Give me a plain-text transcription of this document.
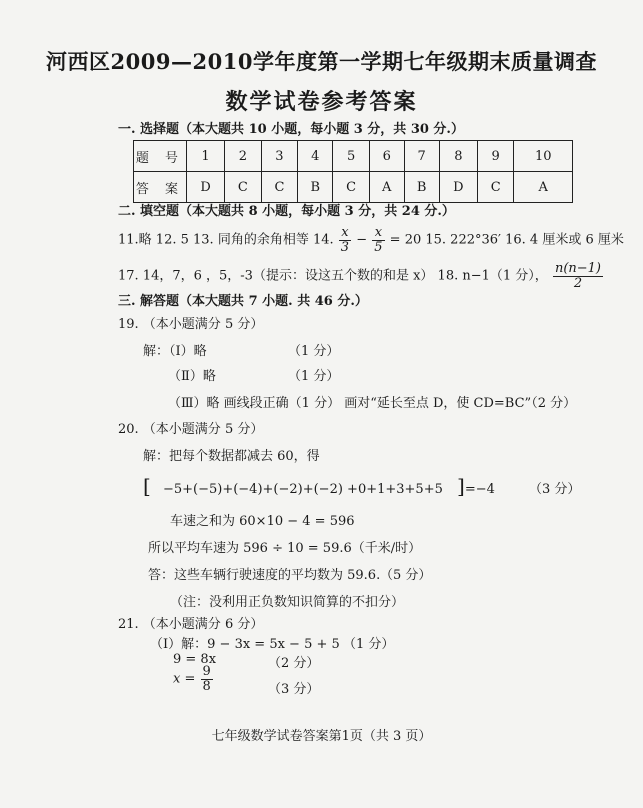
河西区2009—2010学年度第一学期七年级期末质量调查
数学试卷参考答案
一. 选择题（本大题共 10 小题，每小题 3 分，共 30 分.）
题 号	1	2	3	4	5	6	7	8	9	10
答 案	D	C	C	B	C	A	B	D	C	A
二. 填空题（本大题共 8 小题，每小题 3 分，共 24 分.）
11.略 12. 5 13. 同角的余角相等 14. $\frac{x}{3} - \frac{x}{5} = 20$ 15. 222°36′ 16. 4 厘米或 6 厘米
17. 14，7，6 ，5，-3（提示：设这五个数的和是 x） 18. n−1（1 分）， $\frac{n(n-1)}{2}$
三. 解答题（本大题共 7 小题. 共 46 分.）
19. （本小题满分 5 分）
解：（Ⅰ）略	（1 分）
（Ⅱ）略	（1 分）
（Ⅲ）略 画线段正确（1 分） 画对“延长至点 D，使 CD=BC”（2 分）
20. （本小题满分 5 分）
解：把每个数据都减去 60，得
[ −5+(−5)+(−4)+(−2)+(−2) +0+1+3+5+5 ]=−4	（3 分）
车速之和为 60×10 − 4 = 596
所以平均车速为 596 ÷ 10 = 59.6（千米/时）
答：这些车辆行驶速度的平均数为 59.6. （5 分）
（注：没利用正负数知识简算的不扣分）
21. （本小题满分 6 分）
（Ⅰ）解：9 − 3x = 5x − 5 + 5 （1 分）
9 = 8x	（2 分）
$x = \frac{9}{8}$	（3 分）
七年级数学试卷答案第1页（共 3 页）
